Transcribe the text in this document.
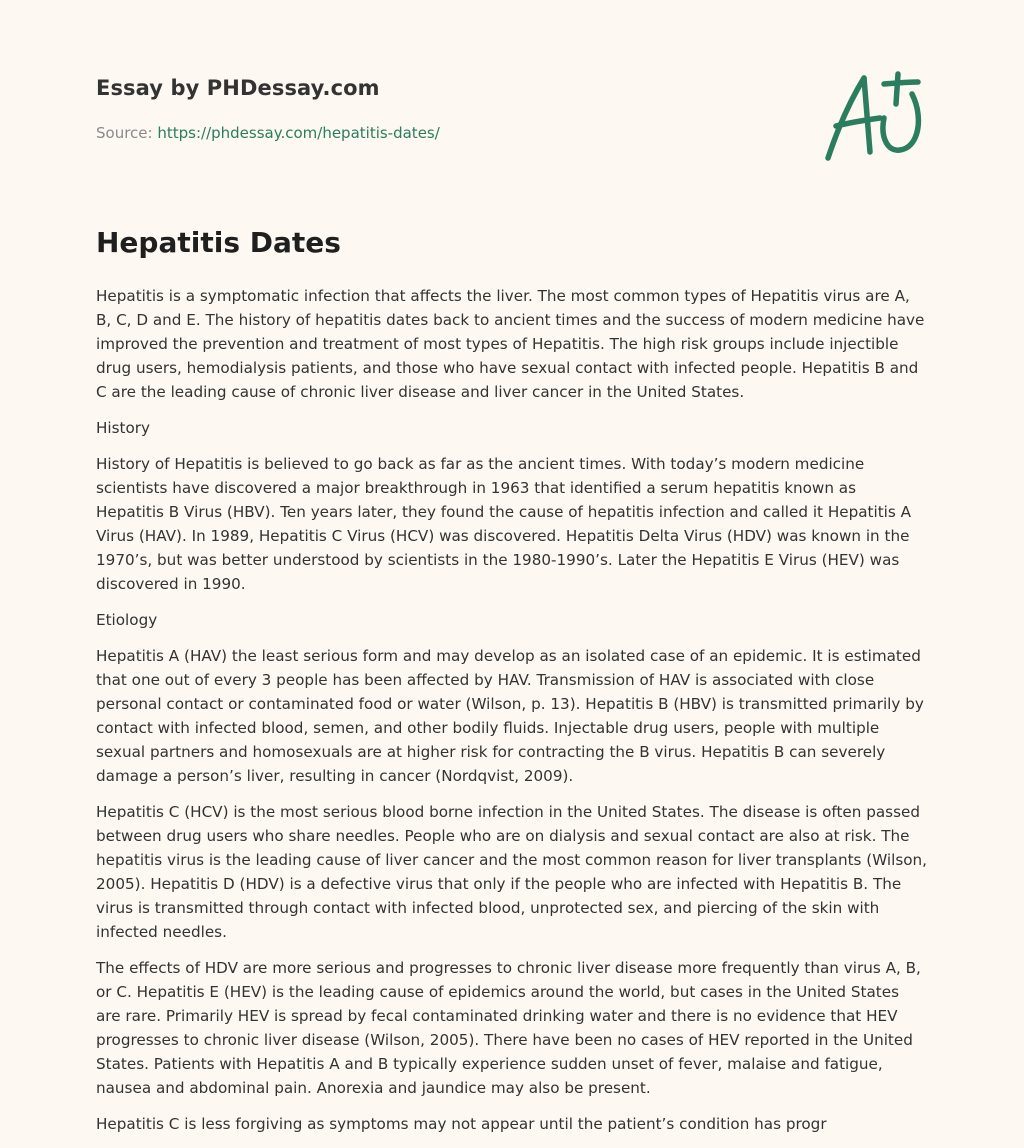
Essay by PHDessay.com
Source: https://phdessay.com/hepatitis-dates/
Hepatitis Dates

Hepatitis is a symptomatic infection that affects the liver. The most common types of Hepatitis virus are A, B, C, D and E. The history of hepatitis dates back to ancient times and the success of modern medicine have improved the prevention and treatment of most types of Hepatitis. The high risk groups include injectible drug users, hemodialysis patients, and those who have sexual contact with infected people. Hepatitis B and C are the leading cause of chronic liver disease and liver cancer in the United States.

History

History of Hepatitis is believed to go back as far as the ancient times. With today’s modern medicine scientists have discovered a major breakthrough in 1963 that identified a serum hepatitis known as Hepatitis B Virus (HBV). Ten years later, they found the cause of hepatitis infection and called it Hepatitis A Virus (HAV). In 1989, Hepatitis C Virus (HCV) was discovered. Hepatitis Delta Virus (HDV) was known in the 1970’s, but was better understood by scientists in the 1980-1990’s. Later the Hepatitis E Virus (HEV) was discovered in 1990.

Etiology

Hepatitis A (HAV) the least serious form and may develop as an isolated case of an epidemic. It is estimated that one out of every 3 people has been affected by HAV. Transmission of HAV is associated with close personal contact or contaminated food or water (Wilson, p. 13). Hepatitis B (HBV) is transmitted primarily by contact with infected blood, semen, and other bodily fluids. Injectable drug users, people with multiple sexual partners and homosexuals are at higher risk for contracting the B virus. Hepatitis B can severely damage a person’s liver, resulting in cancer (Nordqvist, 2009).

Hepatitis C (HCV) is the most serious blood borne infection in the United States. The disease is often passed between drug users who share needles. People who are on dialysis and sexual contact are also at risk. The hepatitis virus is the leading cause of liver cancer and the most common reason for liver transplants (Wilson, 2005). Hepatitis D (HDV) is a defective virus that only if the people who are infected with Hepatitis B. The virus is transmitted through contact with infected blood, unprotected sex, and piercing of the skin with infected needles.

The effects of HDV are more serious and progresses to chronic liver disease more frequently than virus A, B, or C. Hepatitis E (HEV) is the leading cause of epidemics around the world, but cases in the United States are rare. Primarily HEV is spread by fecal contaminated drinking water and there is no evidence that HEV progresses to chronic liver disease (Wilson, 2005). There have been no cases of HEV reported in the United States. Patients with Hepatitis A and B typically experience sudden unset of fever, malaise and fatigue, nausea and abdominal pain. Anorexia and jaundice may also be present.

Hepatitis C is less forgiving as symptoms may not appear until the patient’s condition has progr
